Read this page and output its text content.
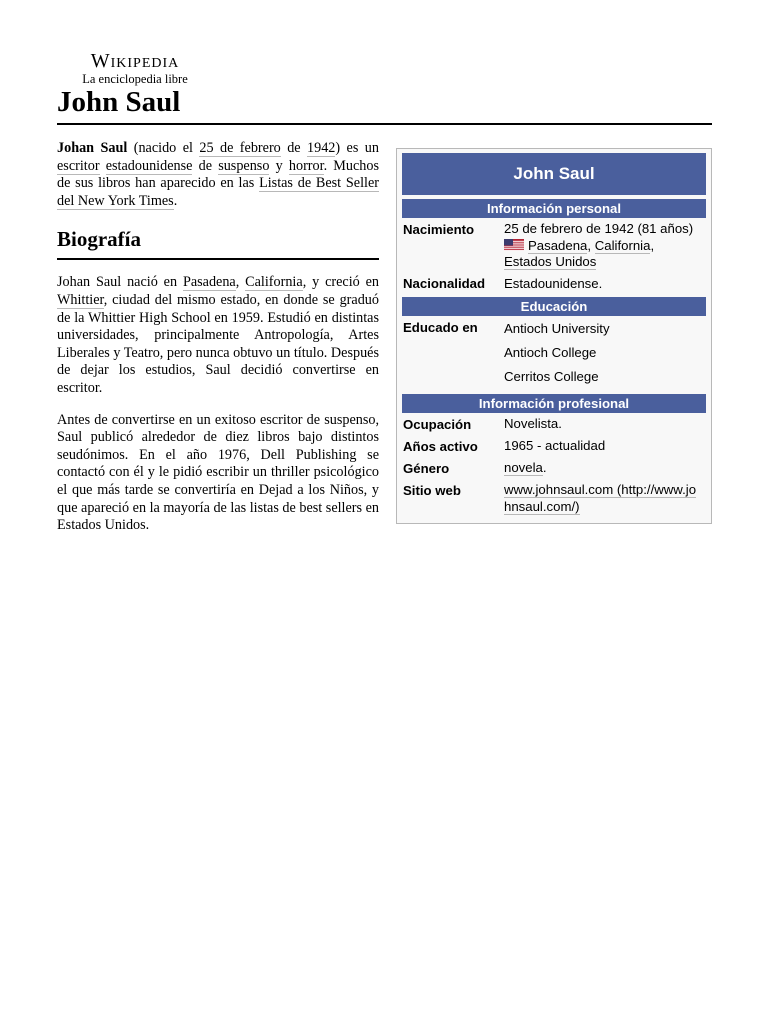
Wikipedia
La enciclopedia libre
John Saul

Johan Saul (nacido el 25 de febrero de 1942) es un escritor estadounidense de suspenso y horror. Muchos de sus libros han aparecido en las Listas de Best Seller del New York Times.

Biografía

Johan Saul nació en Pasadena, California, y creció en Whittier, ciudad del mismo estado, en donde se graduó de la Whittier High School en 1959. Estudió en distintas universidades, principalmente Antropología, Artes Liberales y Teatro, pero nunca obtuvo un título. Después de dejar los estudios, Saul decidió convertirse en escritor.

Antes de convertirse en un exitoso escritor de suspenso, Saul publicó alrededor de diez libros bajo distintos seudónimos. En el año 1976, Dell Publishing se contactó con él y le pidió escribir un thriller psicológico el que más tarde se convertiría en Dejad a los Niños, y que apareció en la mayoría de las listas de best sellers en Estados Unidos.

John Saul
Información personal
Nacimiento 25 de febrero de 1942 (81 años)
Pasadena, California,
Estados Unidos
Nacionalidad Estadounidense.
Educación
Educado en Antioch University
Antioch College
Cerritos College
Información profesional
Ocupación Novelista.
Años activo 1965 - actualidad
Género	novela.
Sitio web	www.johnsaul.com (http://www.jo
hnsaul.com/)
